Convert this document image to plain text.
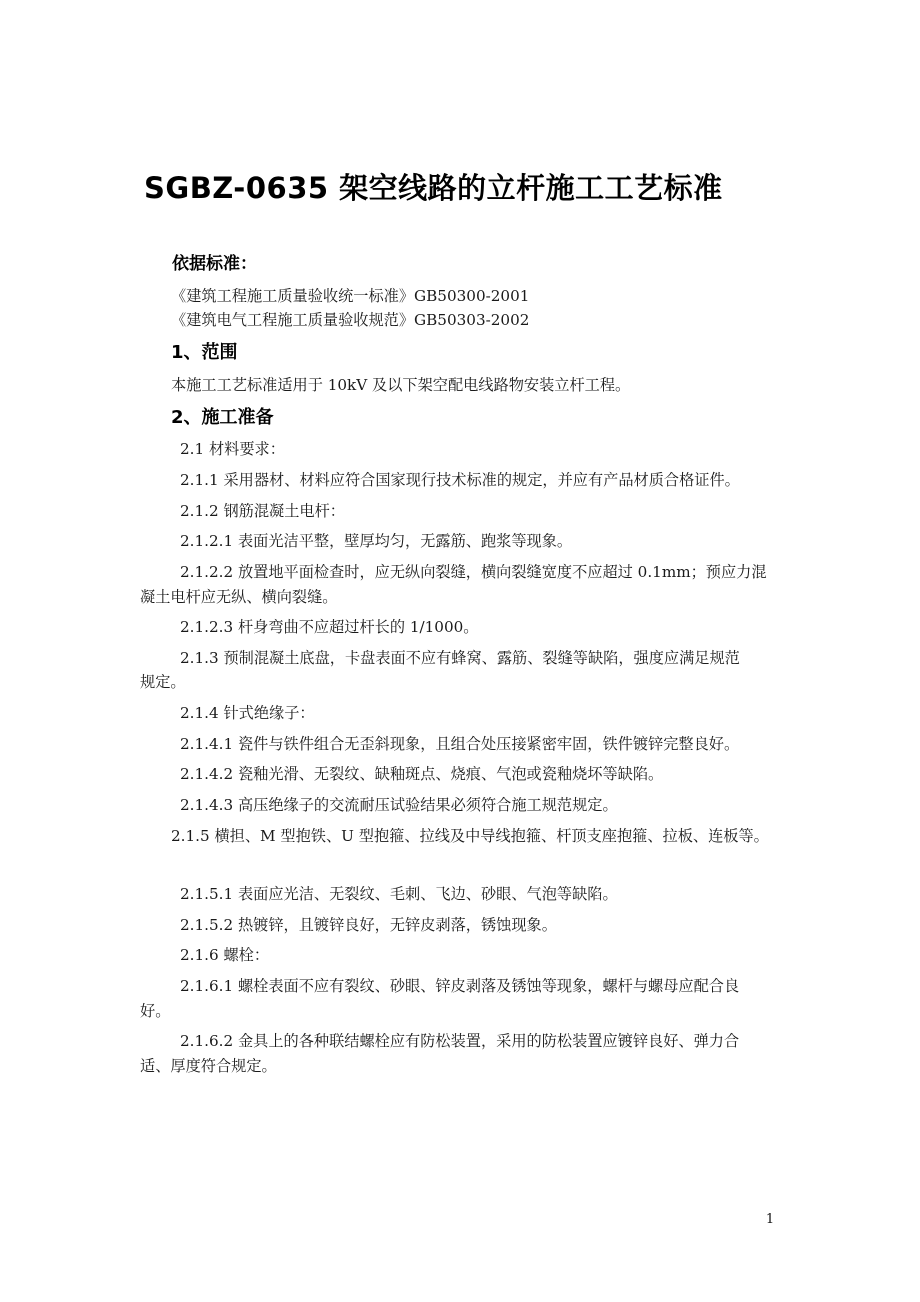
SGBZ-0635 架空线路的立杆施工工艺标准
依据标准：

《建筑工程施工质量验收统一标准》GB50300-2001

《建筑电气工程施工质量验收规范》GB50303-2002

1、范围

本施工工艺标准适用于 10kV 及以下架空配电线路物安装立杆工程。

2、施工准备

2.1 材料要求：

2.1.1 采用器材、材料应符合国家现行技术标准的规定，并应有产品材质合格证件。

2.1.2 钢筋混凝土电杆：

2.1.2.1 表面光洁平整，壁厚均匀，无露筋、跑浆等现象。

2.1.2.2 放置地平面检查时，应无纵向裂缝，横向裂缝宽度不应超过 0.1mm；预应力混

凝土电杆应无纵、横向裂缝。

2.1.2.3 杆身弯曲不应超过杆长的 1/1000。

2.1.3 预制混凝土底盘，卡盘表面不应有蜂窝、露筋、裂缝等缺陷，强度应满足规范

规定。

2.1.4 针式绝缘子：

2.1.4.1 瓷件与铁件组合无歪斜现象，且组合处压接紧密牢固，铁件镀锌完整良好。

2.1.4.2 瓷釉光滑、无裂纹、缺釉斑点、烧痕、气泡或瓷釉烧坏等缺陷。

2.1.4.3 高压绝缘子的交流耐压试验结果必须符合施工规范规定。

2.1.5 横担、M 型抱铁、U 型抱箍、拉线及中导线抱箍、杆顶支座抱箍、拉板、连板等。

2.1.5.1 表面应光洁、无裂纹、毛刺、飞边、砂眼、气泡等缺陷。

2.1.5.2 热镀锌，且镀锌良好，无锌皮剥落，锈蚀现象。

2.1.6 螺栓：

2.1.6.1 螺栓表面不应有裂纹、砂眼、锌皮剥落及锈蚀等现象，螺杆与螺母应配合良

好。

2.1.6.2 金具上的各种联结螺栓应有防松装置，采用的防松装置应镀锌良好、弹力合

适、厚度符合规定。

1
